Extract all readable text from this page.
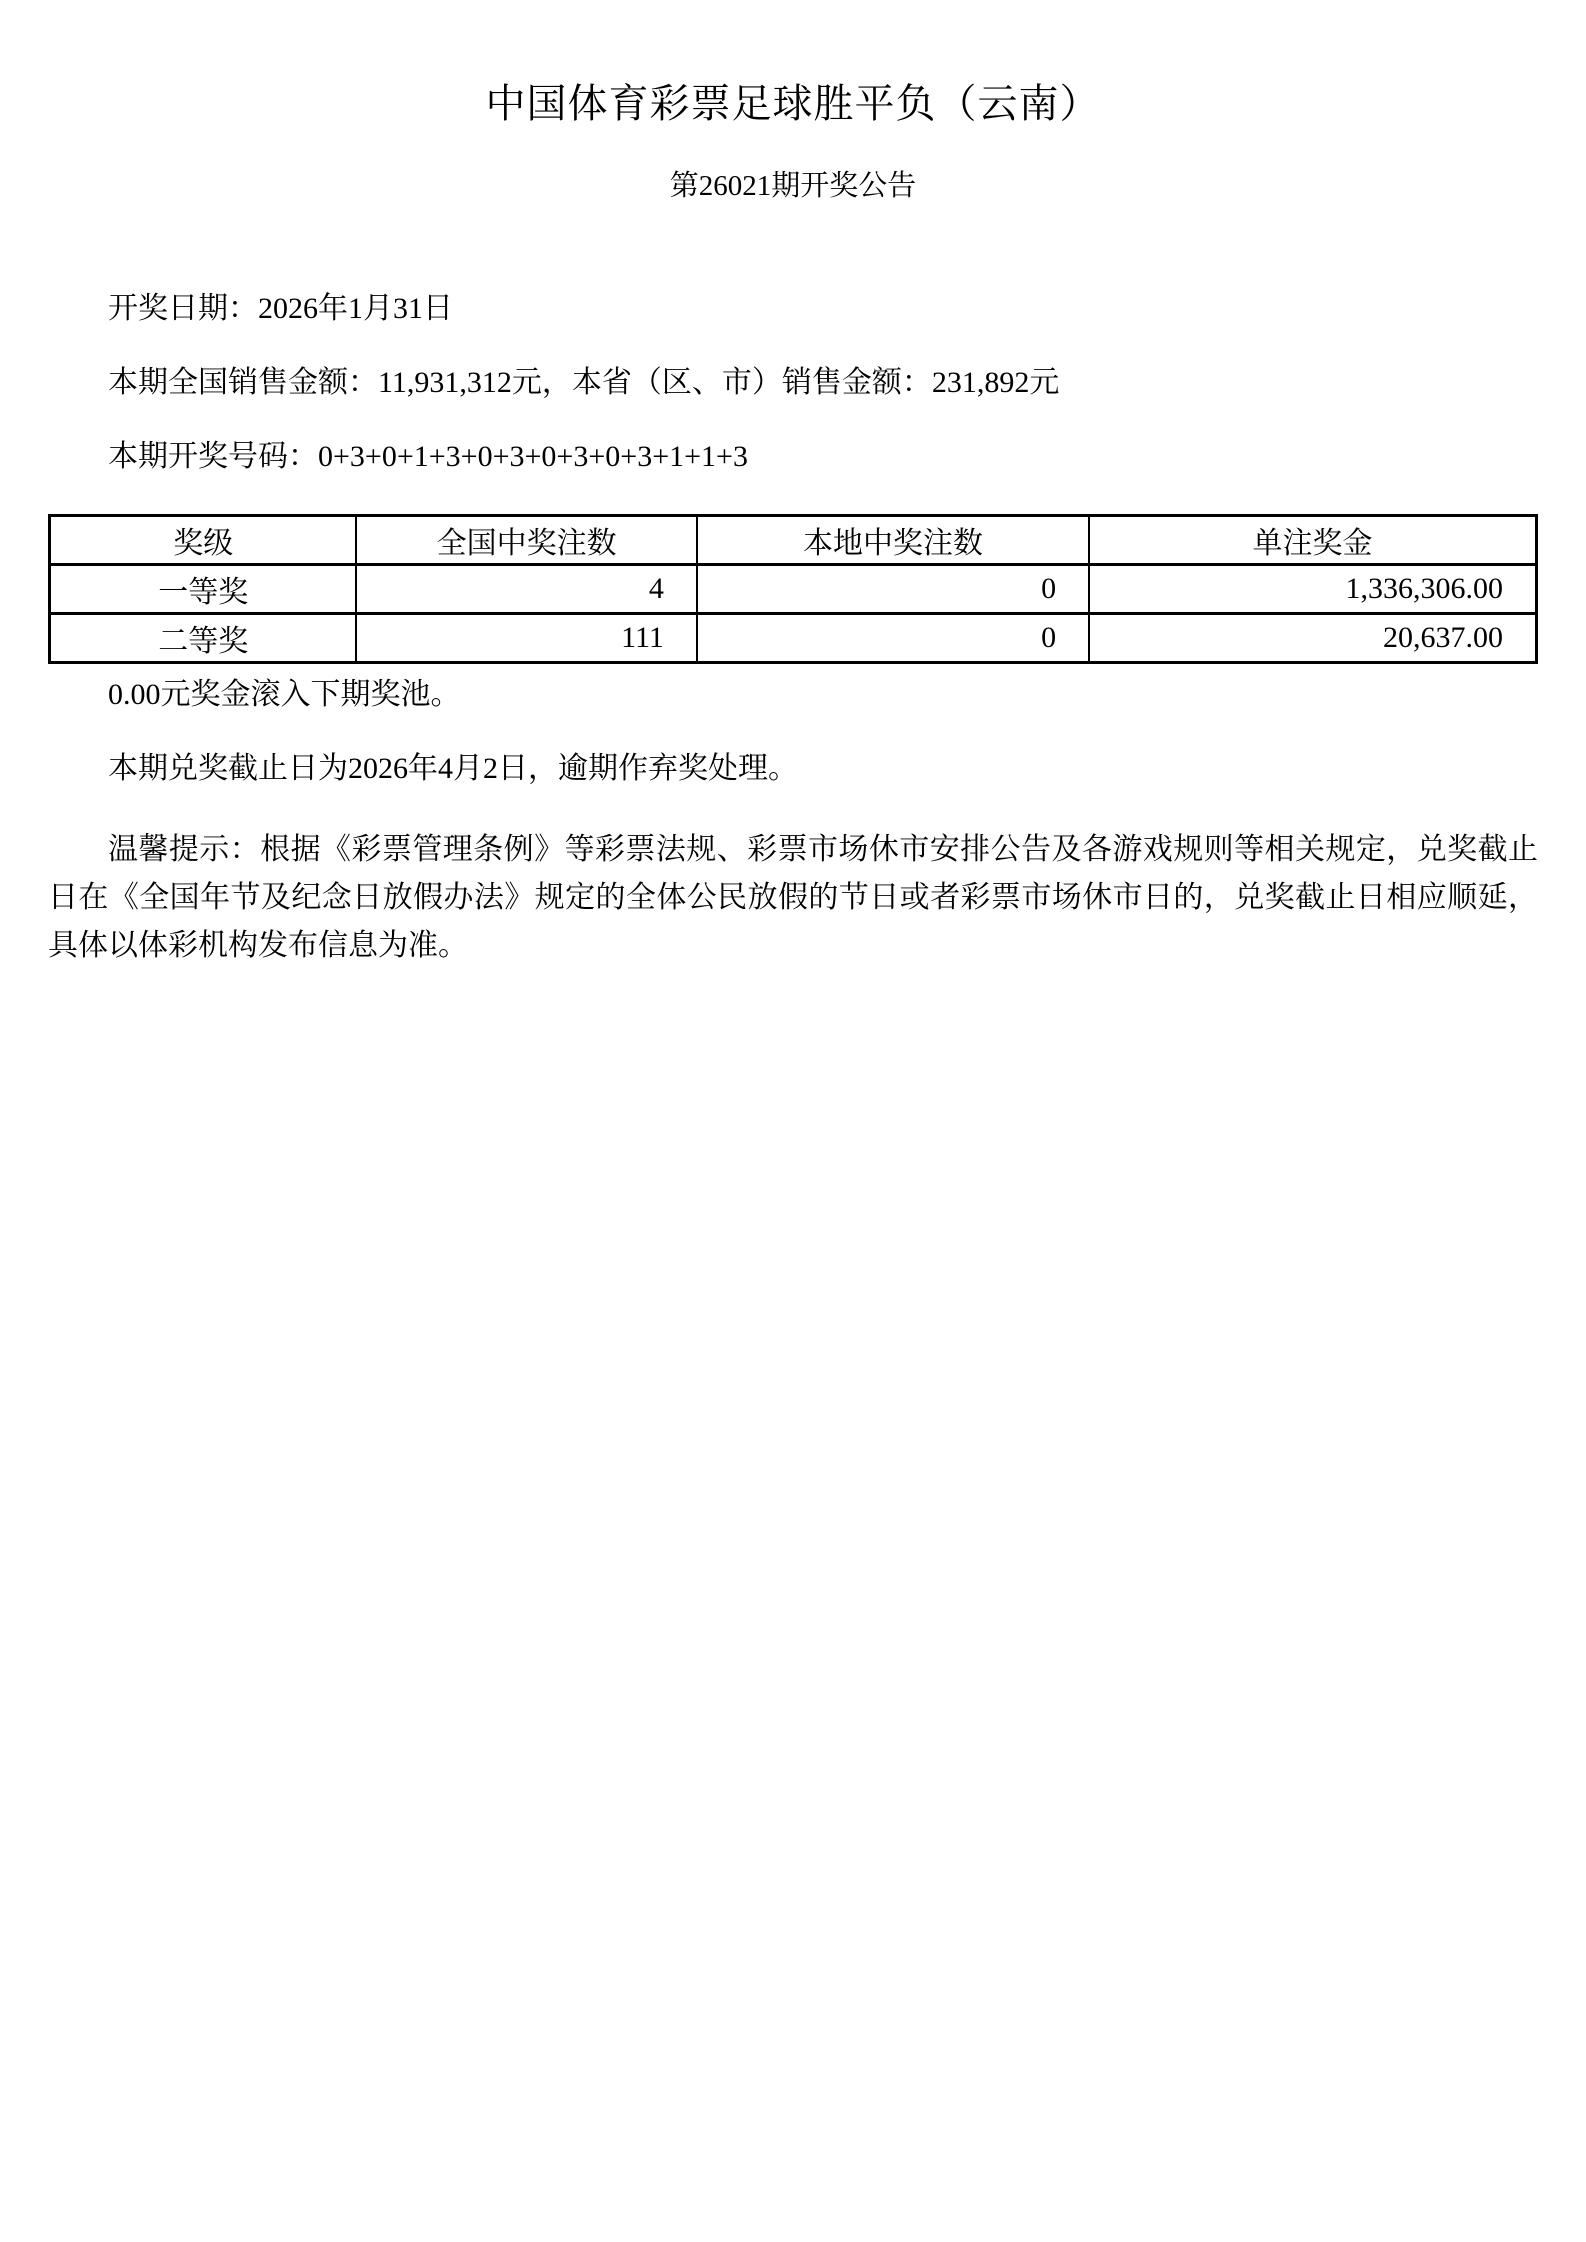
中国体育彩票足球胜平负（云南）
第26021期开奖公告

开奖日期：2026年1月31日

本期全国销售金额：11,931,312元，本省（区、市）销售金额：231,892元

本期开奖号码：0+3+0+1+3+0+3+0+3+0+3+1+1+3

奖级	全国中奖注数	本地中奖注数	单注奖金
一等奖	4	0	1,336,306.00
二等奖	111	0	20,637.00

0.00元奖金滚入下期奖池。

本期兑奖截止日为2026年4月2日，逾期作弃奖处理。

温馨提示：根据《彩票管理条例》等彩票法规、彩票市场休市安排公告及各游戏规则等相关规定，兑奖截止日在《全国年节及纪念日放假办法》规定的全体公民放假的节日或者彩票市场休市日的，兑奖截止日相应顺延，具体以体彩机构发布信息为准。
